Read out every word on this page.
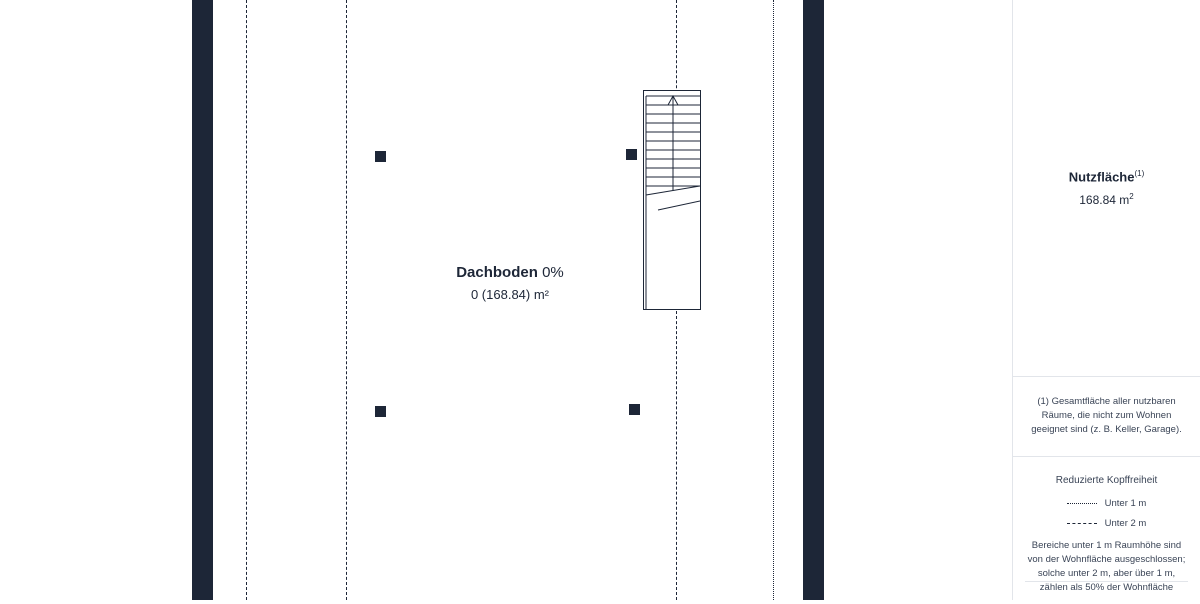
Dachboden 0%
0 (168.84) m²
Nutzfläche$^{(1)}$
168.84 $m^2$
(1) Gesamtfläche aller nutzbaren Räume, die nicht zum Wohnen geeignet sind (z. B. Keller, Garage).
Reduzierte Kopffreiheit
Unter 1 m
Unter 2 m
Bereiche unter 1 m Raumhöhe sind von der Wohnfläche ausgeschlossen; solche unter 2 m, aber über 1 m, zählen als 50% der Wohnfläche
